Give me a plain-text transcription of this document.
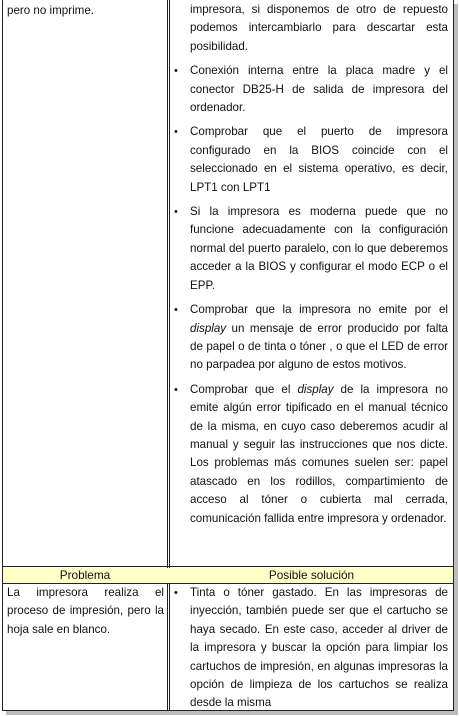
pero no imprime.	impresora, si disponemos de otro de repuesto podemos intercambiarlo para descartar esta posibilidad.
• Conexión interna entre la placa madre y el conector DB25-H de salida de impresora del ordenador.
• Comprobar que el puerto de impresora configurado en la BIOS coincide con el seleccionado en el sistema operativo, es decir, LPT1 con LPT1
• Si la impresora es moderna puede que no funcione adecuadamente con la configuración normal del puerto paralelo, con lo que deberemos acceder a la BIOS y configurar el modo ECP o el EPP.
• Comprobar que la impresora no emite por el display un mensaje de error producido por falta de papel o de tinta o tóner , o que el LED de error no parpadea por alguno de estos motivos.
• Comprobar que el display de la impresora no emite algún error tipificado en el manual técnico de la misma, en cuyo caso deberemos acudir al manual y seguir las instrucciones que nos dicte. Los problemas más comunes suelen ser: papel atascado en los rodillos, compartimiento de acceso al tóner o cubierta mal cerrada, comunicación fallida entre impresora y ordenador.
Problema	Posible solución
La impresora realiza el proceso de impresión, pero la hoja sale en blanco.
• Tinta o tóner gastado. En las impresoras de inyección, también puede ser que el cartucho se haya secado. En este caso, acceder al driver de la impresora y buscar la opción para limpiar los cartuchos de impresión, en algunas impresoras la opción de limpieza de los cartuchos se realiza desde la misma
